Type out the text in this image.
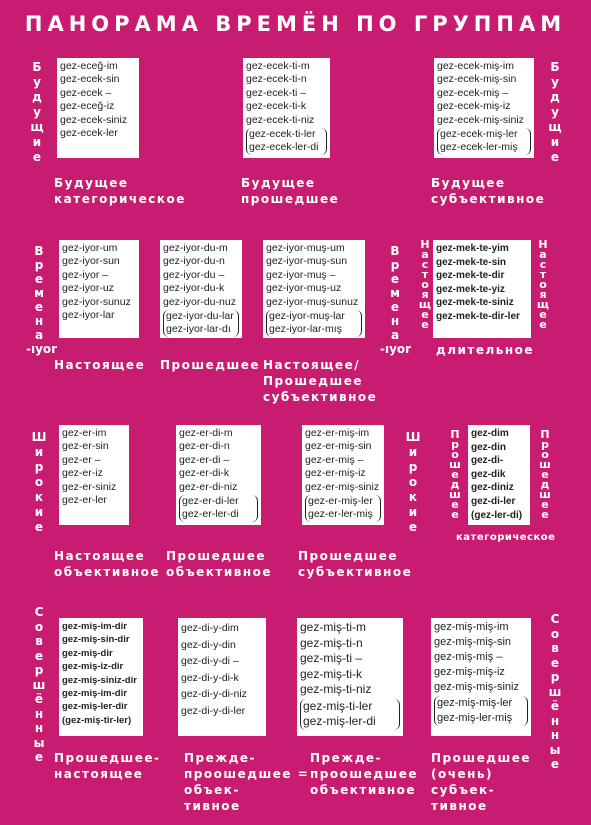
ПАНОРАМА ВРЕМЁН ПО ГРУППАМ
Б
у
д
у
щ
и
е
Б
у
д
у
щ
и
е
В
р
е
м
е
н
а
-ıyor
В
р
е
м
е
н
а
-ıyor
Ш
и
р
о
к
и
е
Ш
и
р
о
к
и
е
С
о
в
е
р
ш
ё
н
н
ы
е
С
о
в
е
р
ш
ё
н
н
ы
е
Н
а
с
т
о
я
щ
е
е
Н
а
с
т
о
я
щ
е
е
П
р
о
ш
е
д
ш
е
е
П
р
о
ш
е
д
ш
е
е
gez-eceğ-im
gez-ecek-sin
gez-ecek –
gez-eceğ-iz
gez-ecek-siniz
gez-ecek-ler
gez-ecek-ti-m
gez-ecek-ti-n
gez-ecek-ti –
gez-ecek-ti-k
gez-ecek-ti-niz
gez-ecek-ti-ler
gez-ecek-ler-di
gez-ecek-miş-im
gez-ecek-miş-sin
gez-ecek-miş –
gez-ecek-miş-iz
gez-ecek-miş-siniz
gez-ecek-miş-ler
gez-ecek-ler-miş
Будущее
категорическое
Будущее
прошедшее
Будущее
субъективное
gez-iyor-um
gez-iyor-sun
gez-iyor –
gez-iyor-uz
gez-iyor-sunuz
gez-iyor-lar
gez-iyor-du-m
gez-iyor-du-n
gez-iyor-du –
gez-iyor-du-k
gez-iyor-du-nuz
gez-iyor-du-lar
gez-iyor-lar-dı
gez-iyor-muş-um
gez-iyor-muş-sun
gez-iyor-muş –
gez-iyor-muş-uz
gez-iyor-muş-sunuz
gez-iyor-muş-lar
gez-iyor-lar-mış
gez-mek-te-yim
gez-mek-te-sin
gez-mek-te-dir
gez-mek-te-yiz
gez-mek-te-siniz
gez-mek-te-dir-ler
Настоящее Прошедшее Настоящее/
Прошедшее
субъективное
длительное
gez-er-im
gez-er-sin
gez-er –
gez-er-iz
gez-er-siniz
gez-er-ler
gez-er-di-m
gez-er-di-n
gez-er-di –
gez-er-di-k
gez-er-di-niz
gez-er-di-ler
gez-er-ler-di
gez-er-miş-im
gez-er-miş-sin
gez-er-miş –
gez-er-miş-iz
gez-er-miş-siniz
gez-er-miş-ler
gez-er-ler-miş
gez-dim
gez-din
gez-di-
gez-dik
gez-diniz
gez-di-ler
(gez-ler-di)
Настоящее
объективное
Прошедшее
объективное
Прошедшее
субъективное
категорическое
gez-miş-im-dir
gez-miş-sin-dir
gez-miş-dir
gez-miş-iz-dir
gez-miş-siniz-dir
gez-miş-im-dir
gez-miş-ler-dir
(gez-miş-tir-ler)
gez-di-y-dim
gez-di-y-din
gez-di-y-di –
gez-di-y-di-k
gez-di-y-di-niz
gez-di-y-di-ler
gez-miş-ti-m
gez-miş-ti-n
gez-miş-ti –
gez-miş-ti-k
gez-miş-ti-niz
gez-miş-ti-ler
gez-miş-ler-di
gez-miş-miş-im
gez-miş-miş-sin
gez-miş-miş –
gez-miş-miş-iz
gez-miş-miş-siniz
gez-miş-miş-ler
gez-miş-ler-miş
Прошедшее-
настоящее
Преждe-
проошедшее =
объек-
тивное
Преждe-
проошедшее
объективное
Прошедшее
(очень)
субъек-
тивное
